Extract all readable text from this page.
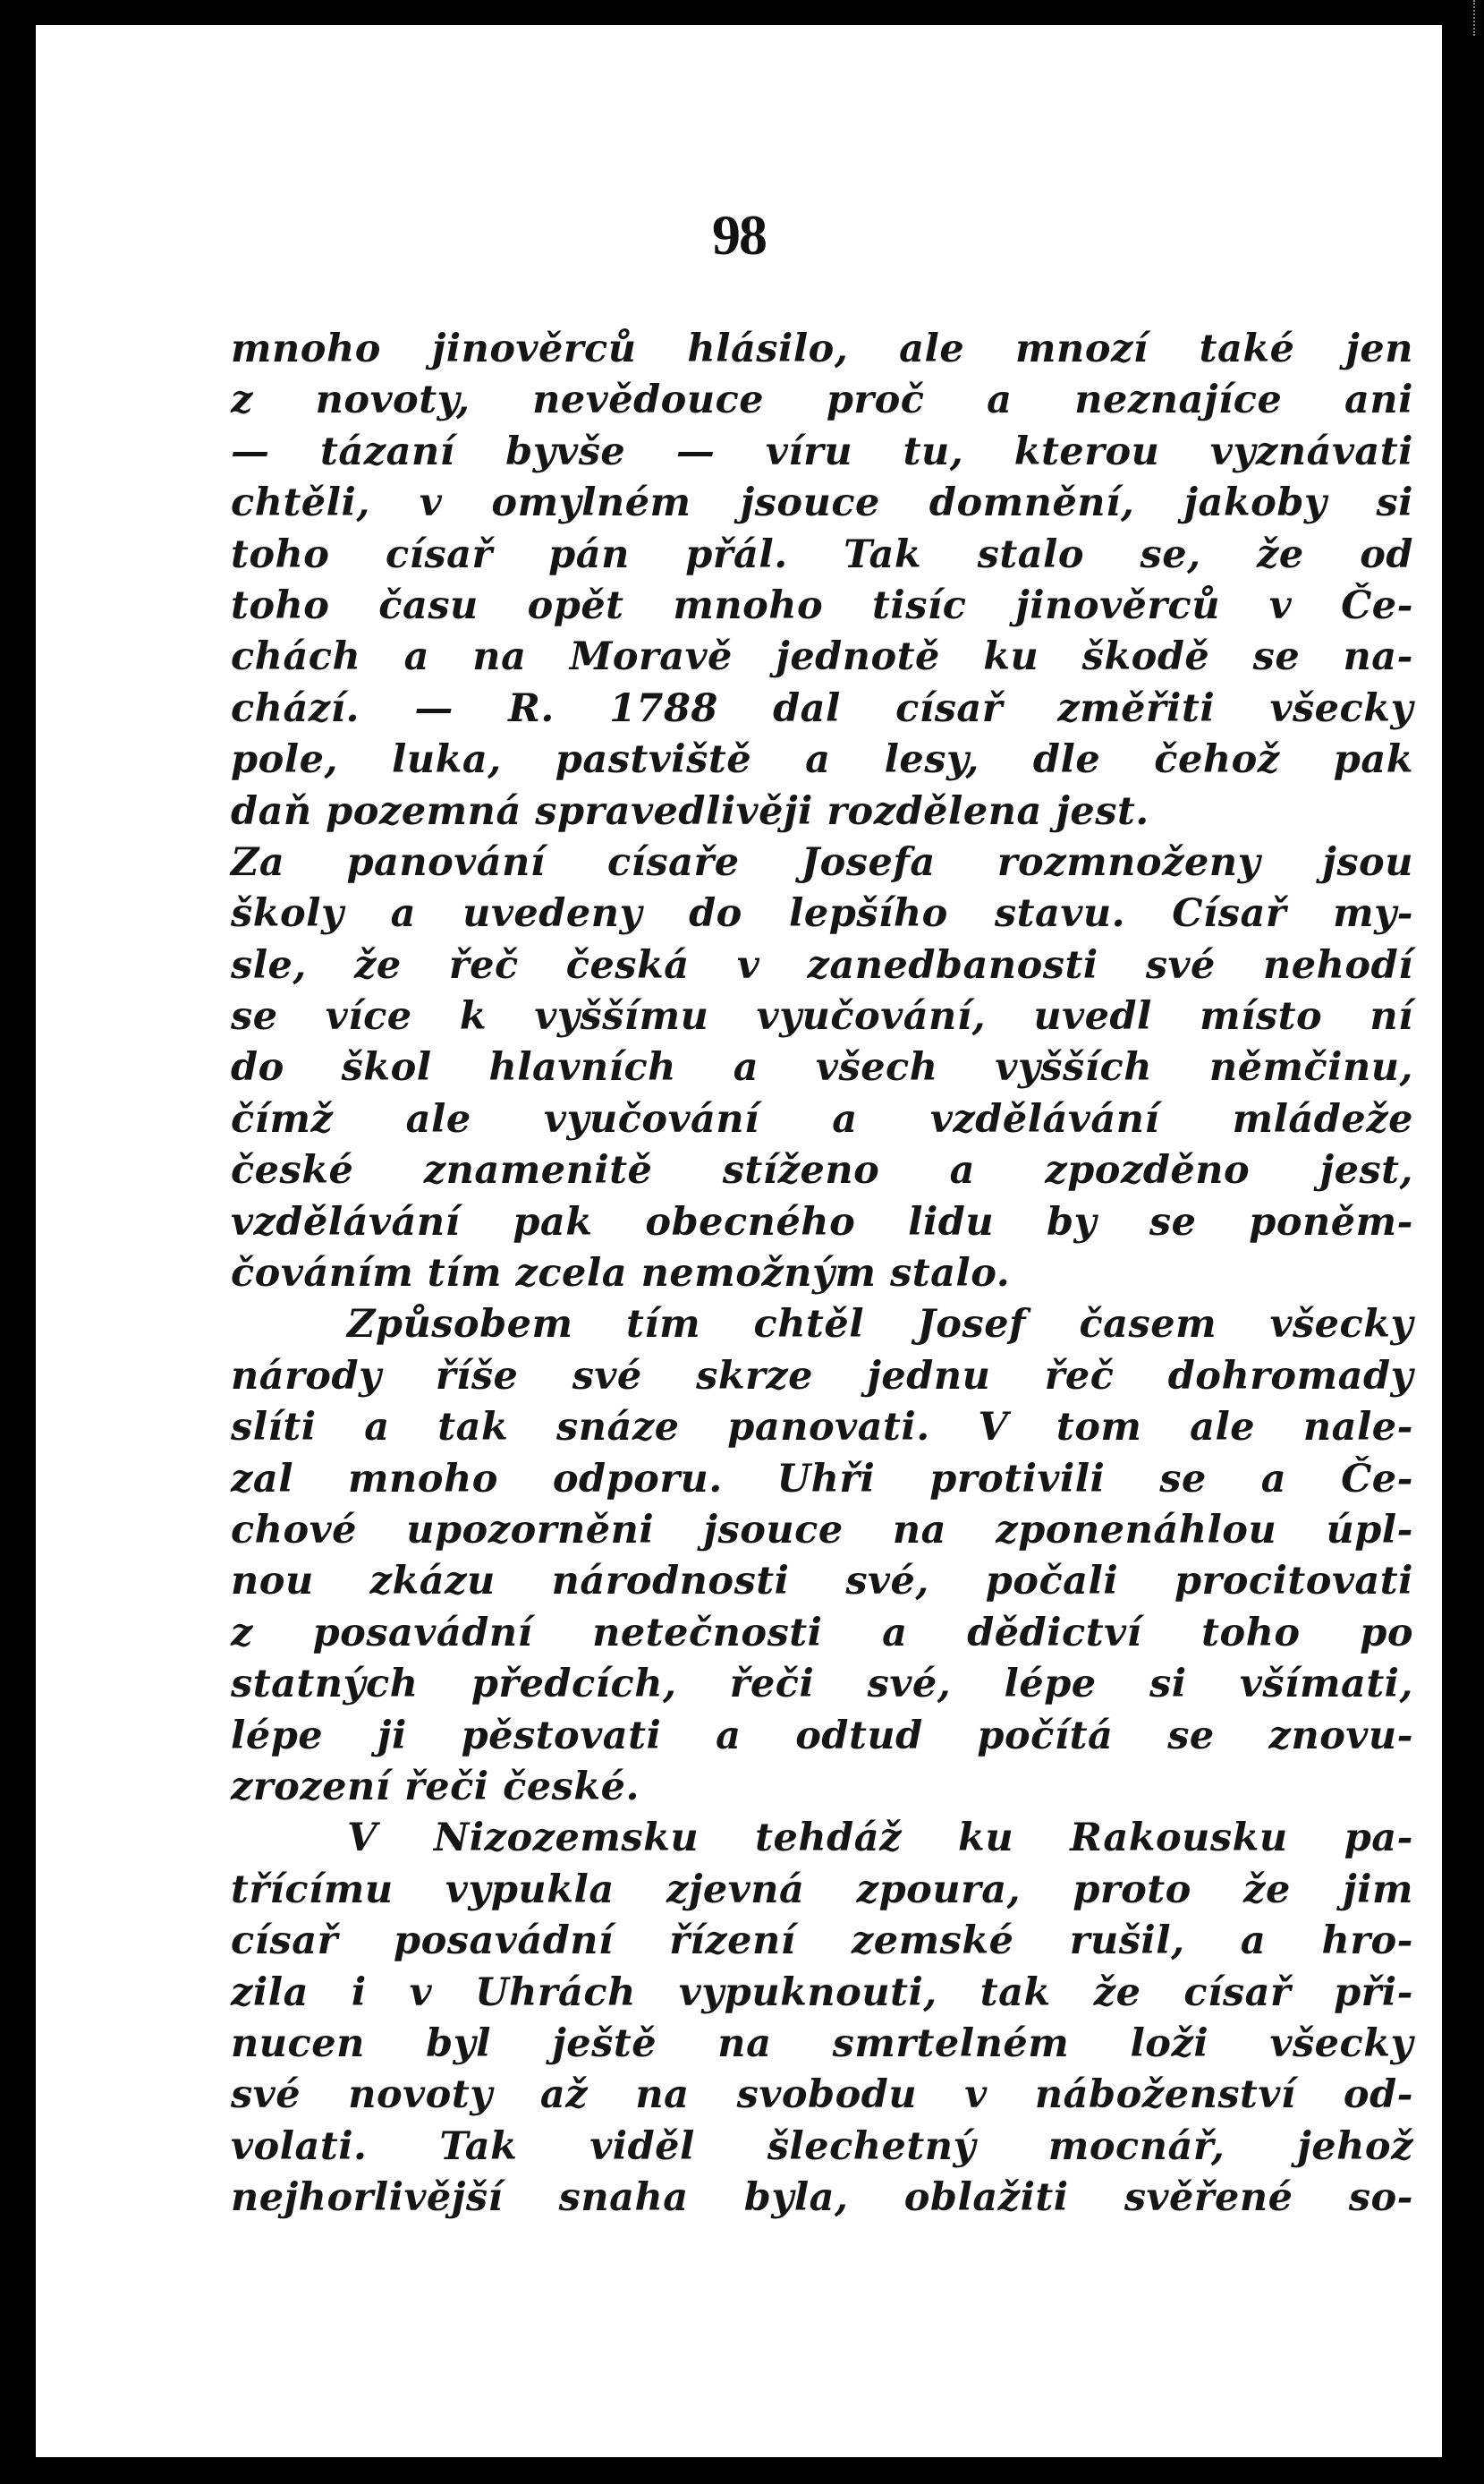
98
mnoho jinověrců hlásilo, ale mnozí také jen
z novoty, nevědouce proč a neznajíce ani
— tázaní byvše — víru tu, kterou vyznávati
chtěli, v omylném jsouce domnění, jakoby si
toho císař pán přál. Tak stalo se, že od
toho času opět mnoho tisíc jinověrců v Če-
chách a na Moravě jednotě ku škodě se na-
chází. — R. 1788 dal císař změřiti všecky
pole, luka, pastviště a lesy, dle čehož pak
daň pozemná spravedlivěji rozdělena jest.
Za panování císaře Josefa rozmnoženy jsou
školy a uvedeny do lepšího stavu. Císař my-
sle, že řeč česká v zanedbanosti své nehodí
se více k vyššímu vyučování, uvedl místo ní
do škol hlavních a všech vyšších němčinu,
čímž ale vyučování a vzdělávání mládeže
české znamenitě stíženo a zpozděno jest,
vzdělávání pak obecného lidu by se poněm-
čováním tím zcela nemožným stalo.
Způsobem tím chtěl Josef časem všecky
národy říše své skrze jednu řeč dohromady
slíti a tak snáze panovati. V tom ale nale-
zal mnoho odporu. Uhři protivili se a Če-
chové upozorněni jsouce na zponenáhlou úpl-
nou zkázu národnosti své, počali procitovati
z posavádní netečnosti a dědictví toho po
statných předcích, řeči své, lépe si všímati,
lépe ji pěstovati a odtud počítá se znovu-
zrození řeči české.
V Nizozemsku tehdáž ku Rakousku pa-
třícímu vypukla zjevná zpoura, proto že jim
císař posavádní řízení zemské rušil, a hro-
zila i v Uhrách vypuknouti, tak že císař při-
nucen byl ještě na smrtelném loži všecky
své novoty až na svobodu v náboženství od-
volati. Tak viděl šlechetný mocnář, jehož
nejhorlivější snaha byla, oblažiti svěřené so-
